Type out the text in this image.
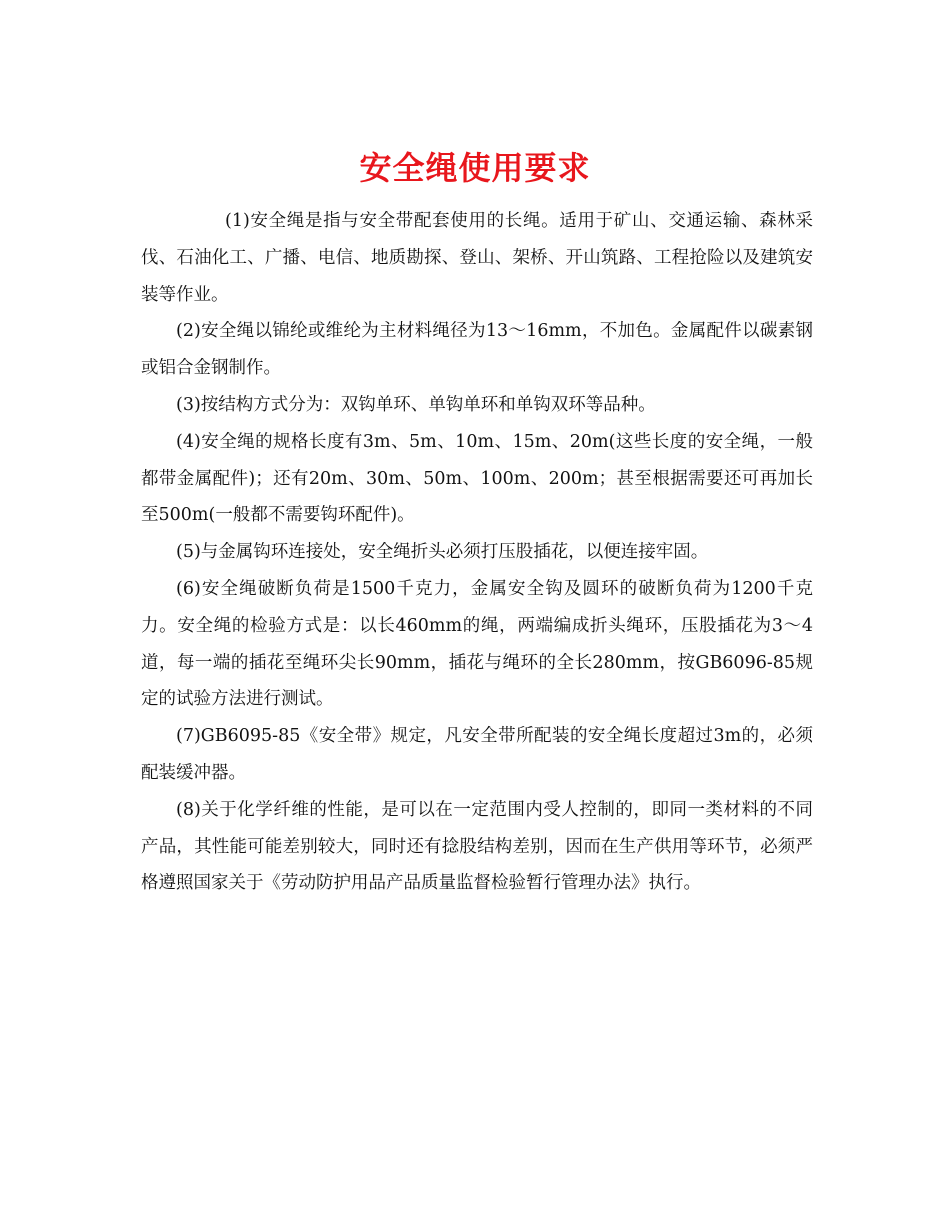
安全绳使用要求

(1)安全绳是指与安全带配套使用的长绳。适用于矿山、交通运输、森林采伐、石油化工、广播、电信、地质勘探、登山、架桥、开山筑路、工程抢险以及建筑安装等作业。

(2)安全绳以锦纶或维纶为主材料绳径为13～16mm，不加色。金属配件以碳素钢或铝合金钢制作。

(3)按结构方式分为：双钩单环、单钩单环和单钩双环等品种。

(4)安全绳的规格长度有3m、5m、10m、15m、20m(这些长度的安全绳，一般都带金属配件)；还有20m、30m、50m、100m、200m；甚至根据需要还可再加长至500m(一般都不需要钩环配件)。

(5)与金属钩环连接处，安全绳折头必须打压股插花，以便连接牢固。

(6)安全绳破断负荷是1500千克力，金属安全钩及圆环的破断负荷为1200千克力。安全绳的检验方式是：以长460mm的绳，两端编成折头绳环，压股插花为3～4道，每一端的插花至绳环尖长90mm，插花与绳环的全长280mm，按GB6096-85规定的试验方法进行测试。

(7)GB6095-85《安全带》规定，凡安全带所配装的安全绳长度超过3m的，必须配装缓冲器。

(8)关于化学纤维的性能，是可以在一定范围内受人控制的，即同一类材料的不同产品，其性能可能差别较大，同时还有捻股结构差别，因而在生产供用等环节，必须严格遵照国家关于《劳动防护用品产品质量监督检验暂行管理办法》执行。
